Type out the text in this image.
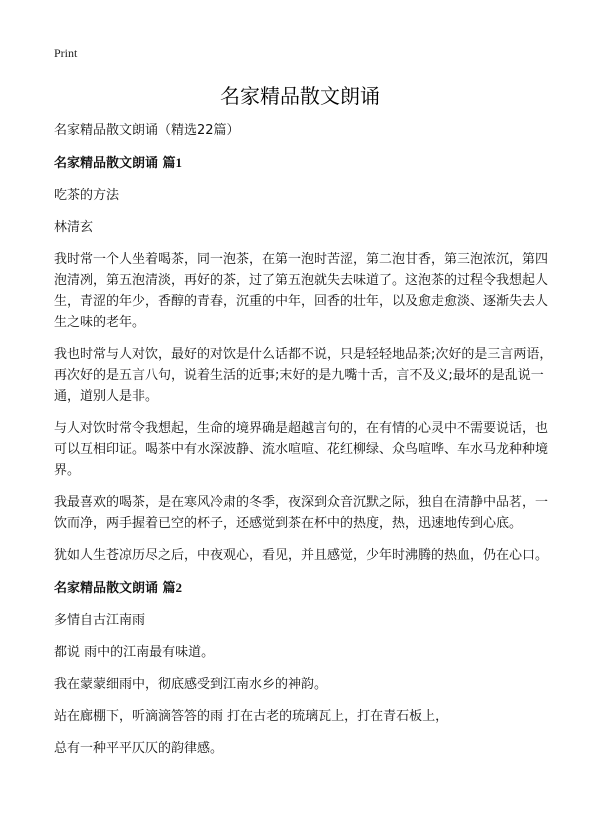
Print
名家精品散文朗诵

名家精品散文朗诵（精选22篇）

名家精品散文朗诵 篇1

吃茶的方法

林清玄

我时常一个人坐着喝茶，同一泡茶，在第一泡时苦涩，第二泡甘香，第三泡浓沉，第四泡清冽，第五泡清淡，再好的茶，过了第五泡就失去味道了。这泡茶的过程令我想起人生，青涩的年少，香醇的青春，沉重的中年，回香的壮年，以及愈走愈淡、逐渐失去人生之味的老年。

我也时常与人对饮，最好的对饮是什么话都不说，只是轻轻地品茶;次好的是三言两语，再次好的是五言八句，说着生活的近事;末好的是九嘴十舌，言不及义;最坏的是乱说一通，道别人是非。

与人对饮时常令我想起，生命的境界确是超越言句的，在有情的心灵中不需要说话，也可以互相印证。喝茶中有水深波静、流水喧喧、花红柳绿、众鸟喧哗、车水马龙种种境界。

我最喜欢的喝茶，是在寒风冷肃的冬季，夜深到众音沉默之际，独自在清静中品茗，一饮而净，两手握着已空的杯子，还感觉到茶在杯中的热度，热，迅速地传到心底。

犹如人生苍凉历尽之后，中夜观心，看见，并且感觉，少年时沸腾的热血，仍在心口。

名家精品散文朗诵 篇2

多情自古江南雨

都说 雨中的江南最有味道。

我在蒙蒙细雨中，彻底感受到江南水乡的神韵。

站在廊棚下，听滴滴答答的雨 打在古老的琉璃瓦上，打在青石板上，

总有一种平平仄仄的韵律感。
